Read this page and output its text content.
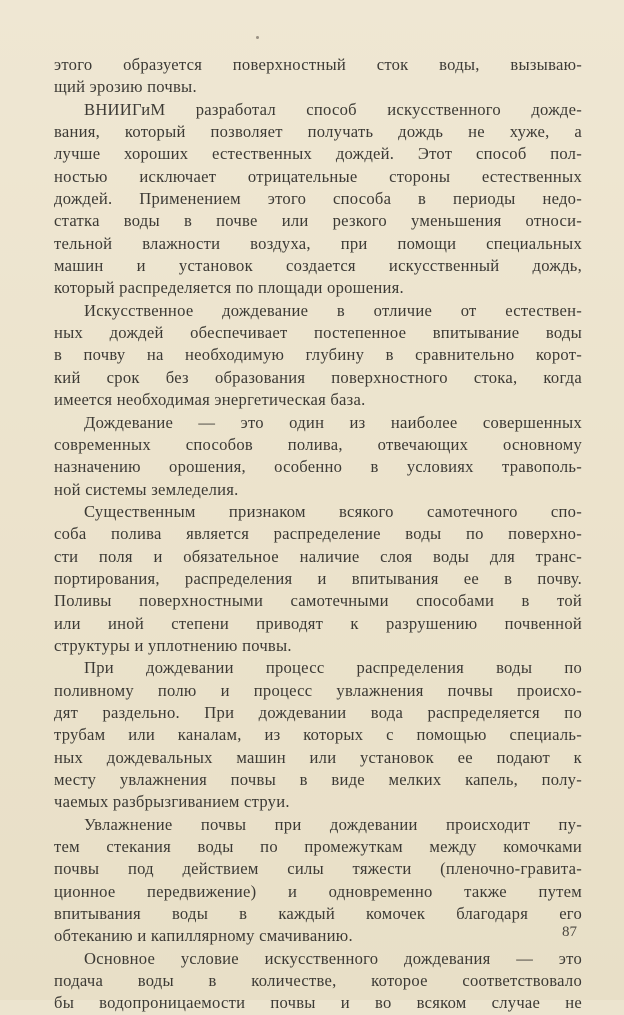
этого образуется поверхностный сток воды, вызываю-
щий эрозию почвы.
ВНИИГиМ разработал способ искусственного дожде-
вания, который позволяет получать дождь не хуже, а
лучше хороших естественных дождей. Этот способ пол-
ностью исключает отрицательные стороны естественных
дождей. Применением этого способа в периоды недо-
статка воды в почве или резкого уменьшения относи-
тельной влажности воздуха, при помощи специальных
машин и установок создается искусственный дождь,
который распределяется по площади орошения.
Искусственное дождевание в отличие от естествен-
ных дождей обеспечивает постепенное впитывание воды
в почву на необходимую глубину в сравнительно корот-
кий срок без образования поверхностного стока, когда
имеется необходимая энергетическая база.
Дождевание — это один из наиболее совершенных
современных способов полива, отвечающих основному
назначению орошения, особенно в условиях травополь-
ной системы земледелия.
Существенным признаком всякого самотечного спо-
соба полива является распределение воды по поверхно-
сти поля и обязательное наличие слоя воды для транс-
портирования, распределения и впитывания ее в почву.
Поливы поверхностными самотечными способами в той
или иной степени приводят к разрушению почвенной
структуры и уплотнению почвы.
При дождевании процесс распределения воды по
поливному полю и процесс увлажнения почвы происхо-
дят раздельно. При дождевании вода распределяется по
трубам или каналам, из которых с помощью специаль-
ных дождевальных машин или установок ее подают к
месту увлажнения почвы в виде мелких капель, полу-
чаемых разбрызгиванием струи.
Увлажнение почвы при дождевании происходит пу-
тем стекания воды по промежуткам между комочками
почвы под действием силы тяжести (пленочно-гравита-
ционное передвижение) и одновременно также путем
впитывания воды в каждый комочек благодаря его
обтеканию и капиллярному смачиванию.
Основное условие искусственного дождевания — это
подача воды в количестве, которое соответствовало
бы водопроницаемости почвы и во всяком случае не
87
